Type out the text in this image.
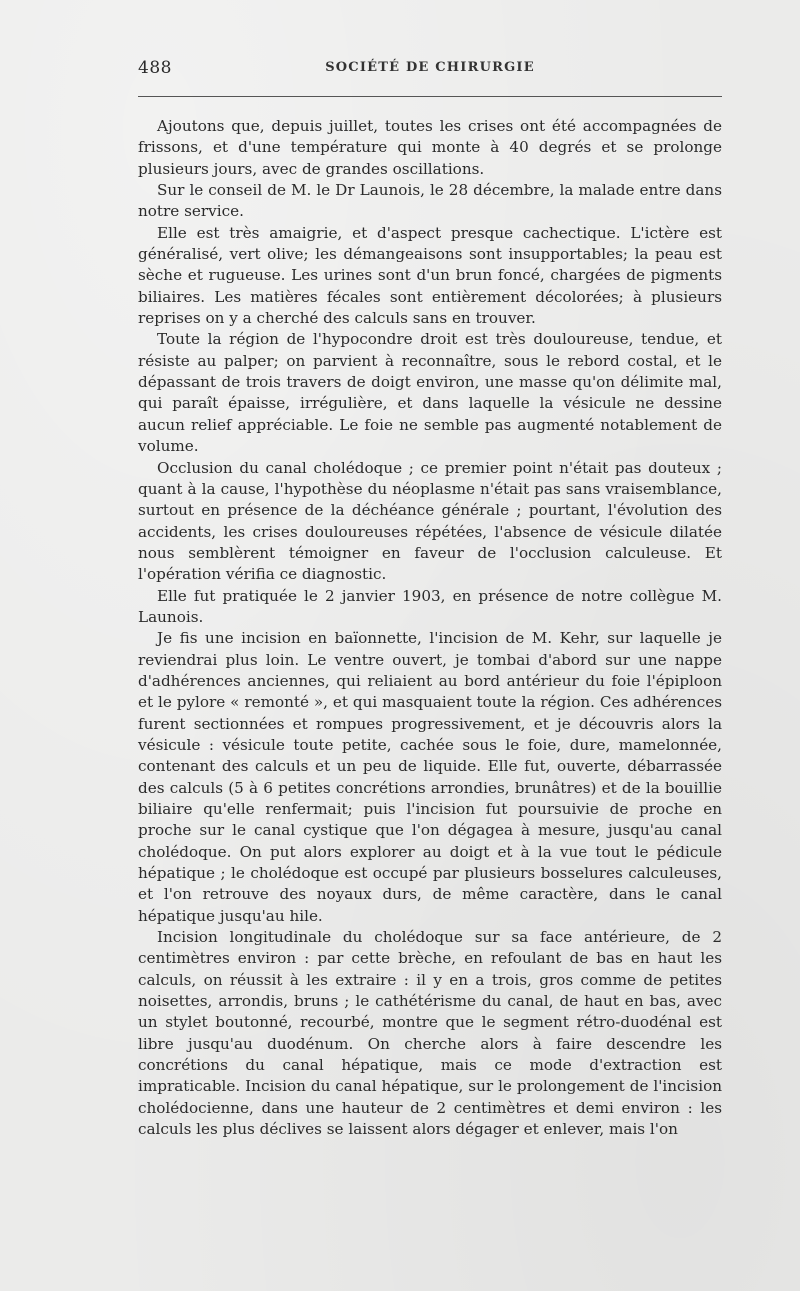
488	SOCIÉTÉ DE CHIRURGIE

Ajoutons que, depuis juillet, toutes les crises ont été accompagnées de frissons, et d'une température qui monte à 40 degrés et se prolonge plusieurs jours, avec de grandes oscillations.

Sur le conseil de M. le Dr Launois, le 28 décembre, la malade entre dans notre service.

Elle est très amaigrie, et d'aspect presque cachectique. L'ictère est généralisé, vert olive; les démangeaisons sont insupportables; la peau est sèche et rugueuse. Les urines sont d'un brun foncé, chargées de pigments biliaires. Les matières fécales sont entièrement décolorées; à plusieurs reprises on y a cherché des calculs sans en trouver.

Toute la région de l'hypocondre droit est très douloureuse, tendue, et résiste au palper; on parvient à reconnaître, sous le rebord costal, et le dépassant de trois travers de doigt environ, une masse qu'on délimite mal, qui paraît épaisse, irrégulière, et dans laquelle la vésicule ne dessine aucun relief appréciable. Le foie ne semble pas augmenté notablement de volume.

Occlusion du canal cholédoque ; ce premier point n'était pas douteux ; quant à la cause, l'hypothèse du néoplasme n'était pas sans vraisemblance, surtout en présence de la déchéance générale ; pourtant, l'évolution des accidents, les crises douloureuses répétées, l'absence de vésicule dilatée nous semblèrent témoigner en faveur de l'occlusion calculeuse. Et l'opération vérifia ce diagnostic.

Elle fut pratiquée le 2 janvier 1903, en présence de notre collègue M. Launois.

Je fis une incision en baïonnette, l'incision de M. Kehr, sur laquelle je reviendrai plus loin. Le ventre ouvert, je tombai d'abord sur une nappe d'adhérences anciennes, qui reliaient au bord antérieur du foie l'épiploon et le pylore « remonté », et qui masquaient toute la région. Ces adhérences furent sectionnées et rompues progressivement, et je découvris alors la vésicule : vésicule toute petite, cachée sous le foie, dure, mamelonnée, contenant des calculs et un peu de liquide. Elle fut, ouverte, débarrassée des calculs (5 à 6 petites concrétions arrondies, brunâtres) et de la bouillie biliaire qu'elle renfermait; puis l'incision fut poursuivie de proche en proche sur le canal cystique que l'on dégagea à mesure, jusqu'au canal cholédoque. On put alors explorer au doigt et à la vue tout le pédicule hépatique ; le cholédoque est occupé par plusieurs bosselures calculeuses, et l'on retrouve des noyaux durs, de même caractère, dans le canal hépatique jusqu'au hile.

Incision longitudinale du cholédoque sur sa face antérieure, de 2 centimètres environ : par cette brèche, en refoulant de bas en haut les calculs, on réussit à les extraire : il y en a trois, gros comme de petites noisettes, arrondis, bruns ; le cathétérisme du canal, de haut en bas, avec un stylet boutonné, recourbé, montre que le segment rétro-duodénal est libre jusqu'au duodénum. On cherche alors à faire descendre les concrétions du canal hépatique, mais ce mode d'extraction est impraticable. Incision du canal hépatique, sur le prolongement de l'incision cholédocienne, dans une hauteur de 2 centimètres et demi environ : les calculs les plus déclives se laissent alors dégager et enlever, mais l'on
